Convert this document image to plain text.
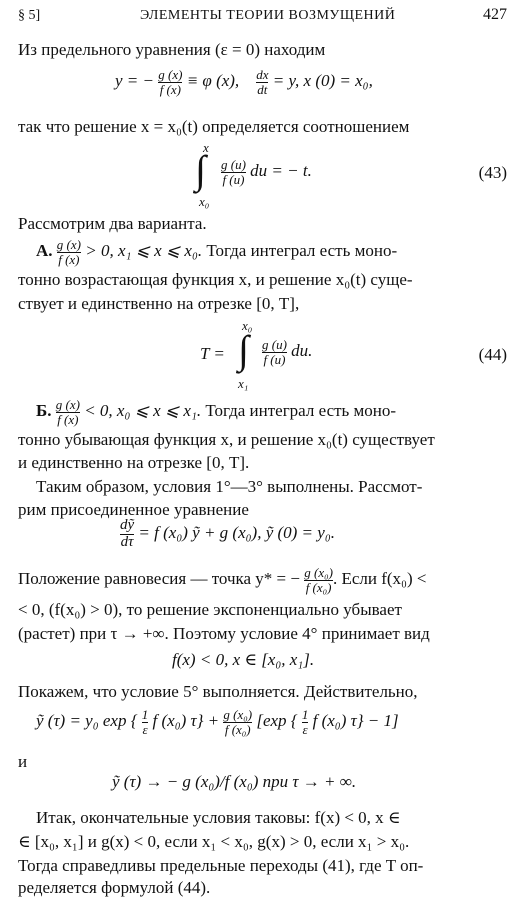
§ 5]	ЭЛЕМЕНТЫ ТЕОРИИ ВОЗМУЩЕНИЙ	427
Из предельного уравнения (ε = 0) находим
y = − $\frac{g (x)}{f (x)} \equiv \varphi$ (x), $\frac{dx}{dt} = y$, x (0) = x₀,
так что решение x = x₀(t) определяется соотношением
x
∫
x₀
$\frac{g (u)}{f (u)}$ du = − t.	(43)
Рассмотрим два варианта.
А. $\frac{g (x)}{f (x)} > 0$, x₁ ⩽ x ⩽ x₀. Тогда интеграл есть моно-
тонно возрастающая функция x, и решение x₀(t) суще-
ствует и единственно на отрезке [0, T],
T =
x₀
∫
x₁
$\frac{g (u)}{f (u)}$ du.	(44)
Б. $\frac{g (x)}{f (x)} < 0$, x₀ ⩽ x ⩽ x₁. Тогда интеграл есть моно-
тонно убывающая функция x, и решение x₀(t) существует
и единственно на отрезке [0, T].
Таким образом, условия 1°—3° выполнены. Рассмот-
рим присоединенное уравнение
$\frac{\text{dỹ}}{d\tau} = f$ (x₀) ỹ + g (x₀), ỹ (0) = y₀.
Положение равновесия — точка y* = − $\frac{\text{g (x₀)}}{\text{f (x₀)}}$ . Если f(x₀) <
< 0, (f(x₀) > 0), то решение экспоненциально убывает
(растет) при τ → +∞. Поэтому условие 4° принимает вид
f(x) < 0, x ∈ [x₀, x₁].
Покажем, что условие 5° выполняется. Действительно,
ỹ (τ) = y₀ exp { $\frac{1}{\varepsilon}$ f (x₀) $\tau\} + \frac{\text{g (x₀)}}{\text{f (x₀)}} [\exp$ { $\frac{1}{\varepsilon}$ f (x₀) τ} − 1]
и
ỹ (τ) → − g (x₀)/f (x₀) при τ → + ∞.
Итак, окончательные условия таковы: f(x) < 0, x ∈
∈ [x₀, x₁] и g(x) < 0, если x₁ < x₀, g(x) > 0, если x₁ > x₀.
Тогда справедливы предельные переходы (41), где T оп-
ределяется формулой (44).
